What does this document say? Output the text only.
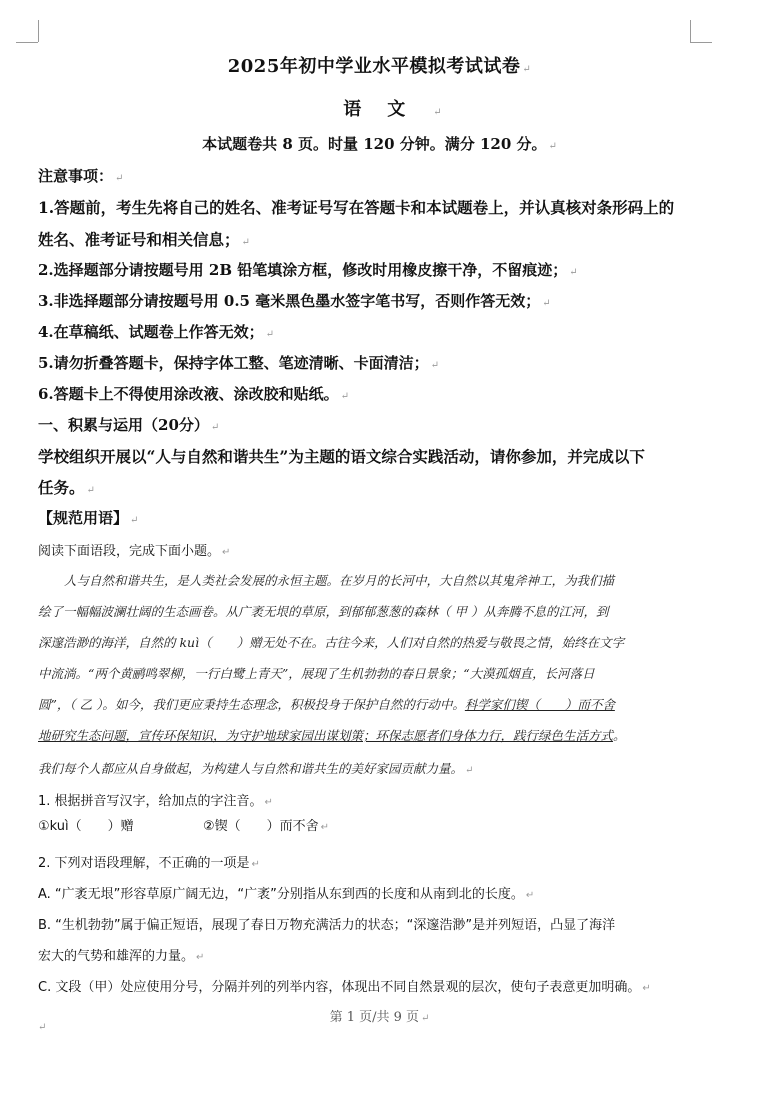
2025年初中学业水平模拟考试试卷 ↵
语文 ↵
本试题卷共 8 页。时量 120 分钟。满分 120 分。 ↵
注意事项： ↵
1.答题前，考生先将自己的姓名、准考证号写在答题卡和本试题卷上，并认真核对条形码上的
姓名、准考证号和相关信息； ↵
2.选择题部分请按题号用 2B 铅笔填涂方框，修改时用橡皮擦干净，不留痕迹； ↵
3.非选择题部分请按题号用 0.5 毫米黑色墨水签字笔书写，否则作答无效； ↵
4.在草稿纸、试题卷上作答无效； ↵
5.请勿折叠答题卡，保持字体工整、笔迹清晰、卡面清洁； ↵
6.答题卡上不得使用涂改液、涂改胶和贴纸。 ↵
一、积累与运用（20分） ↵
学校组织开展以“人与自然和谐共生”为主题的语文综合实践活动，请你参加，并完成以下
任务。 ↵
【规范用语】 ↵
阅读下面语段，完成下面小题。 ↵
人与自然和谐共生，是人类社会发展的永恒主题。在岁月的长河中，大自然以其鬼斧神工，为我们描
绘了一幅幅波澜壮阔的生态画卷。从广袤无垠的草原，到郁郁葱葱的森林（ 甲 ）从奔腾不息的江河，到
深邃浩渺的海洋，自然的 kuì（　　）赠无处不在。古往今来，人们对自然的热爱与敬畏之情，始终在文字
中流淌。“两个黄鹂鸣翠柳，一行白鹭上青天”，展现了生机勃勃的春日景象；“大漠孤烟直，长河落日
圆”，（ 乙 ）。如今，我们更应秉持生态理念，积极投身于保护自然的行动中。科学家们锲（　　）而不舍
地研究生态问题，宣传环保知识，为守护地球家园出谋划策；环保志愿者们身体力行，践行绿色生活方式。
我们每个人都应从自身做起，为构建人与自然和谐共生的美好家园贡献力量。 ↵
1. 根据拼音写汉字，给加点的字注音。 ↵
①kuì（　　）赠	②锲（　　）而不舍 ↵
2. 下列对语段理解，不正确的一项是 ↵
A. “广袤无垠”形容草原广阔无边，“广袤”分别指从东到西的长度和从南到北的长度。 ↵
B. “生机勃勃”属于偏正短语，展现了春日万物充满活力的状态；“深邃浩渺”是并列短语，凸显了海洋
宏大的气势和雄浑的力量。 ↵
C. 文段（甲）处应使用分号，分隔并列的列举内容，体现出不同自然景观的层次，使句子表意更加明确。 ↵
第 1 页/共 9 页 ↵
↵
